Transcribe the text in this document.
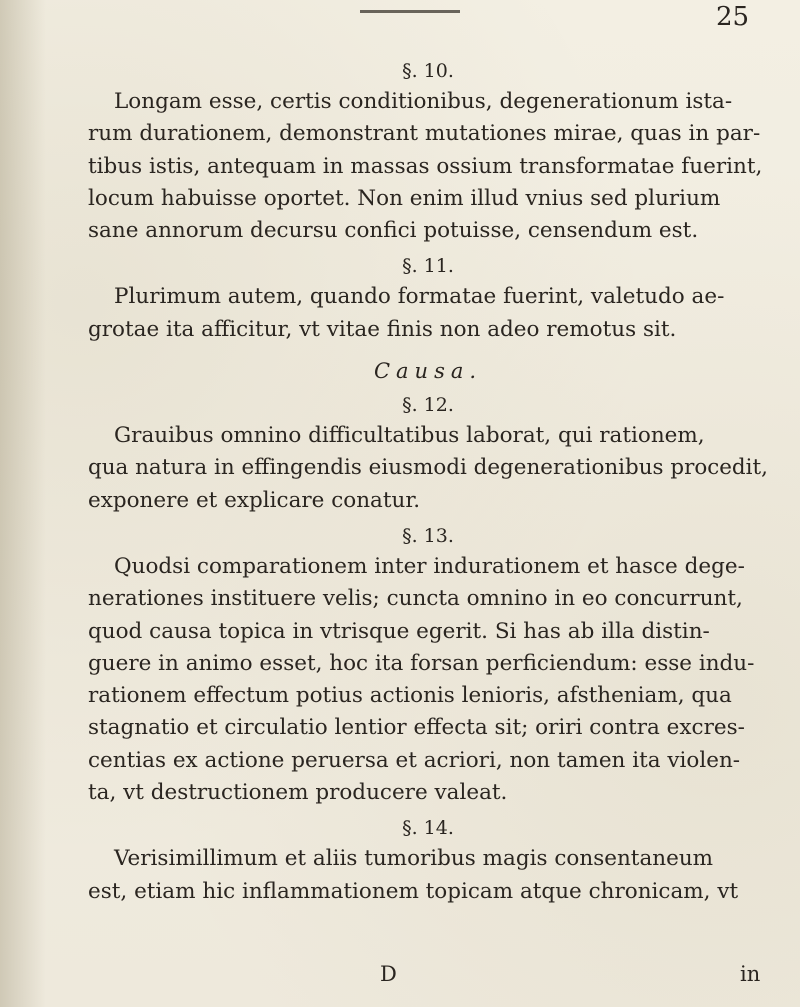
25

§. 10.

Longam esse, certis conditionibus, degenerationum ista-
rum durationem, demonstrant mutationes mirae, quas in par-
tibus istis, antequam in massas ossium transformatae fuerint,
locum habuisse oportet. Non enim illud vnius sed plurium
sane annorum decursu confici potuisse, censendum est.

§. 11.

Plurimum autem, quando formatae fuerint, valetudo ae-
grotae ita afficitur, vt vitae finis non adeo remotus sit.

Causa.

§. 12.

Grauibus omnino difficultatibus laborat, qui rationem,
qua natura in effingendis eiusmodi degenerationibus procedit,
exponere et explicare conatur.

§. 13.

Quodsi comparationem inter indurationem et hasce dege-
nerationes instituere velis; cuncta omnino in eo concurrunt,
quod causa topica in vtrisque egerit. Si has ab illa distin-
guere in animo esset, hoc ita forsan perficiendum: esse indu-
rationem effectum potius actionis lenioris, afstheniam, qua
stagnatio et circulatio lentior effecta sit; oriri contra excres-
centias ex actione peruersa et acriori, non tamen ita violen-
ta, vt destructionem producere valeat.

§. 14.

Verisimillimum et aliis tumoribus magis consentaneum
est, etiam hic inflammationem topicam atque chronicam, vt
D	in
